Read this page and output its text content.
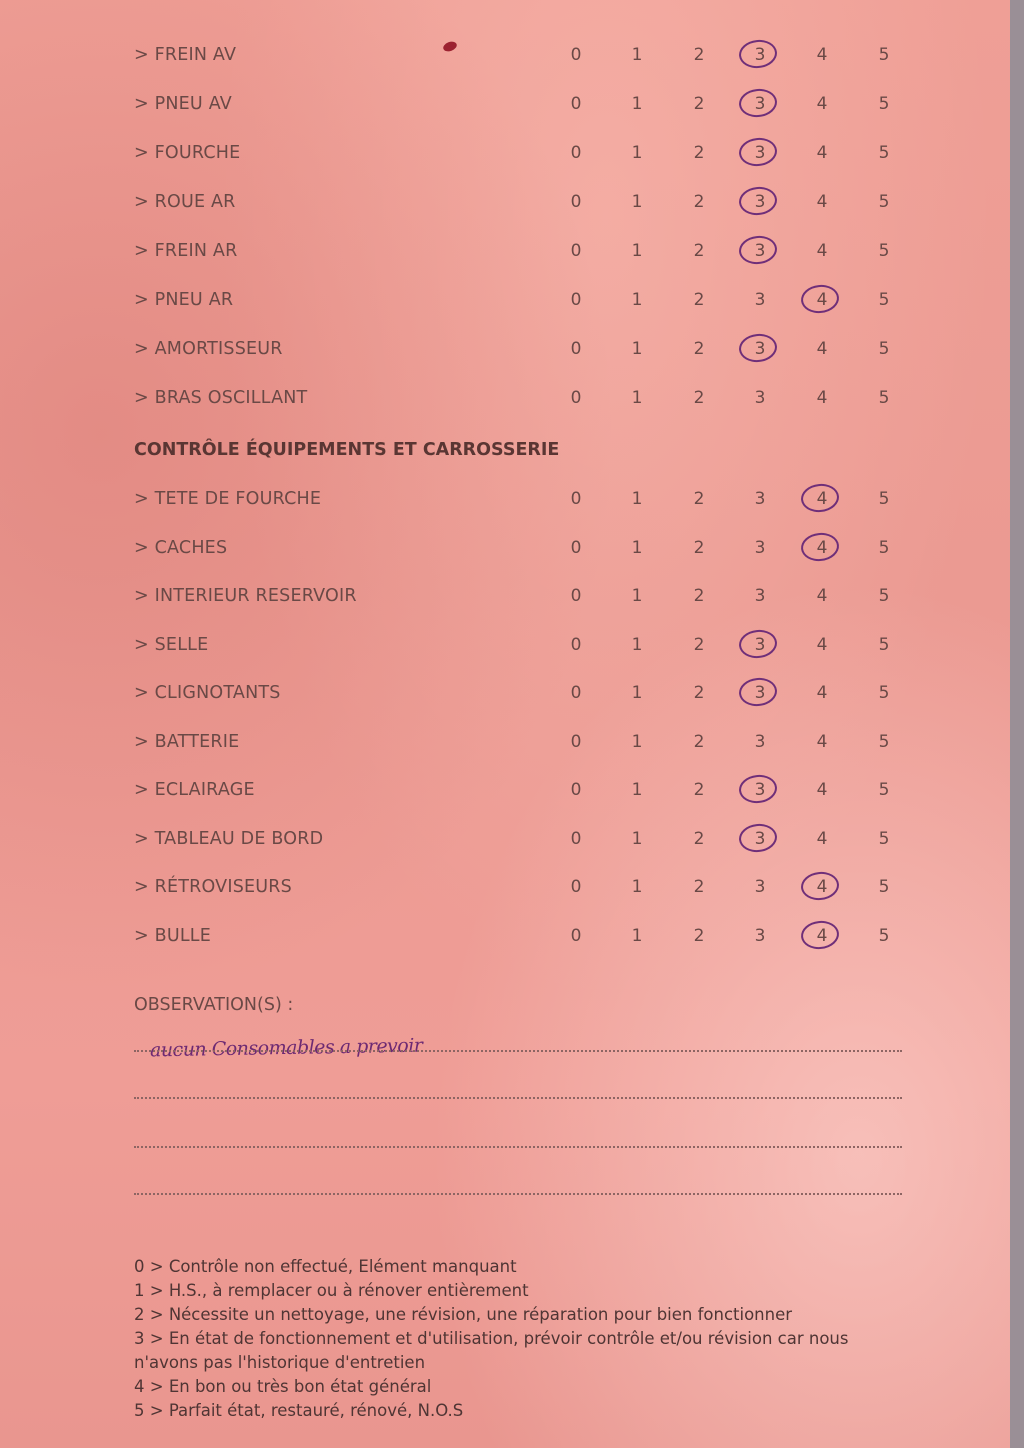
> FREIN AV	0	1	2	3	4	5
> PNEU AV	0	1	2	3	4	5
> FOURCHE	0	1	2	3	4	5
> ROUE AR	0	1	2	3	4	5
> FREIN AR	0	1	2	3	4	5
> PNEU AR	0	1	2	3	4	5
> AMORTISSEUR	0	1	2	3	4	5
> BRAS OSCILLANT	0	1	2	3	4	5
CONTRÔLE ÉQUIPEMENTS ET CARROSSERIE
> TETE DE FOURCHE	0	1	2	3	4	5
> CACHES	0	1	2	3	4	5
> INTERIEUR RESERVOIR	0	1	2	3	4	5
> SELLE	0	1	2	3	4	5
> CLIGNOTANTS	0	1	2	3	4	5
> BATTERIE	0	1	2	3	4	5
> ECLAIRAGE	0	1	2	3	4	5
> TABLEAU DE BORD	0	1	2	3	4	5
> RÉTROVISEURS	0	1	2	3	4	5
> BULLE	0	1	2	3	4	5
OBSERVATION(S) :
aucun Consomables a prevoir
0 > Contrôle non effectué, Elément manquant
1 > H.S., à remplacer ou à rénover entièrement
2 > Nécessite un nettoyage, une révision, une réparation pour bien fonctionner
3 > En état de fonctionnement et d'utilisation, prévoir contrôle et/ou révision car nous
n'avons pas l'historique d'entretien
4 > En bon ou très bon état général
5 > Parfait état, restauré, rénové, N.O.S
